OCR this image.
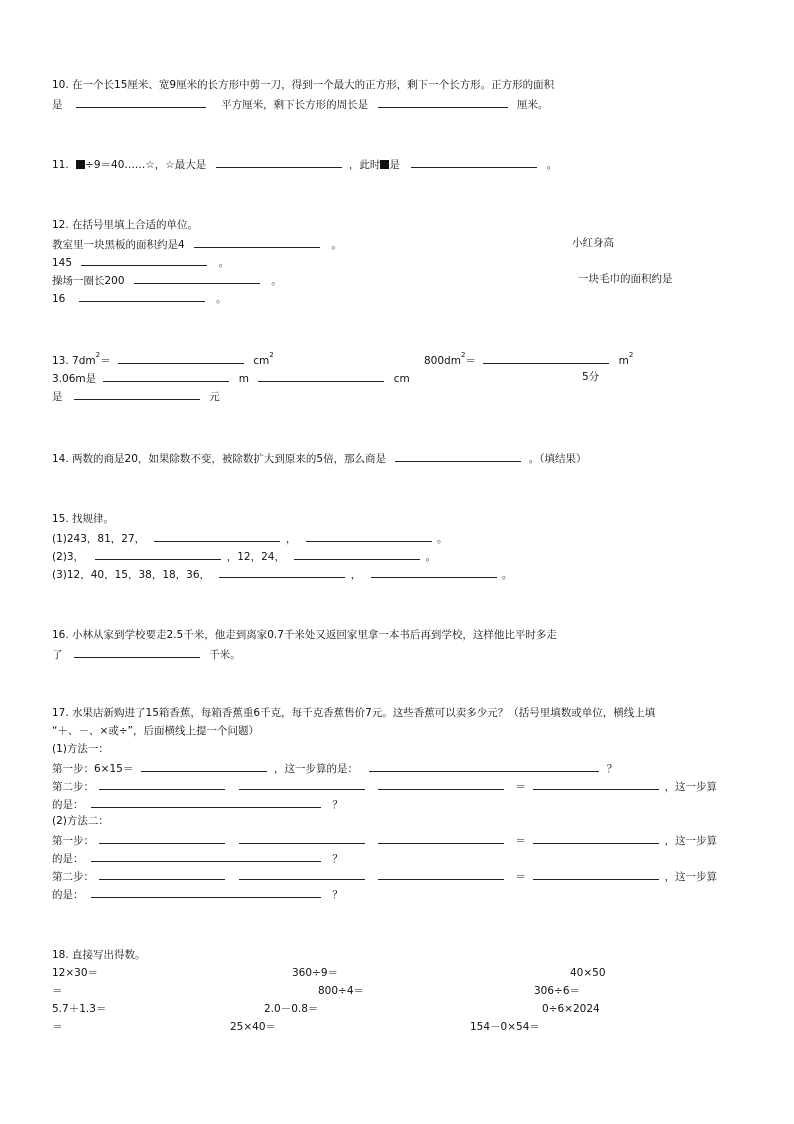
10. 在一个长15厘米、宽9厘米的长方形中剪一刀，得到一个最大的正方形，剩下一个长方形。正方形的面积
是	平方厘米，剩下长方形的周长是	厘米。
11. ÷9＝40……☆，☆最大是	，此时 是	。
12. 在括号里填上合适的单位。
教室里一块黑板的面积约是4	。	小红身高
145	。
操场一圈长200	。	一块毛巾的面积约是
16	。
13. $7dm^2=$	$cm^2$	$800dm^2=$	$m^2$
3.06m是	m	cm	5分
是	元
14. 两数的商是20，如果除数不变，被除数扩大到原来的5倍，那么商是	。（填结果）
15. 找规律。
(1)243，81，27，	，	。
(2)3，	，12，24，	。
(3)12，40，15，38，18，36，	，	。
16. 小林从家到学校要走2.5千米，他走到离家0.7千米处又返回家里拿一本书后再到学校，这样他比平时多走
了	千米。
17. 水果店新购进了15箱香蕉，每箱香蕉重6千克，每千克香蕉售价7元。这些香蕉可以卖多少元？（括号里填数或单位，横线上填
“＋、－、×或÷”，后面横线上提一个问题）
(1)方法一：
第一步：6×15＝	，这一步算的是：	？
第二步：	＝	，这一步算
的是：	？
(2)方法二：
第一步：	＝	，这一步算
的是：	？
第二步：	＝	，这一步算
的是：	？
18. 直接写出得数。
12×30＝	360÷9＝	40×50
＝	800÷4＝	306÷6＝
5.7＋1.3＝	2.0－0.8＝	0÷6×2024
＝	25×40＝	154－0×54＝
